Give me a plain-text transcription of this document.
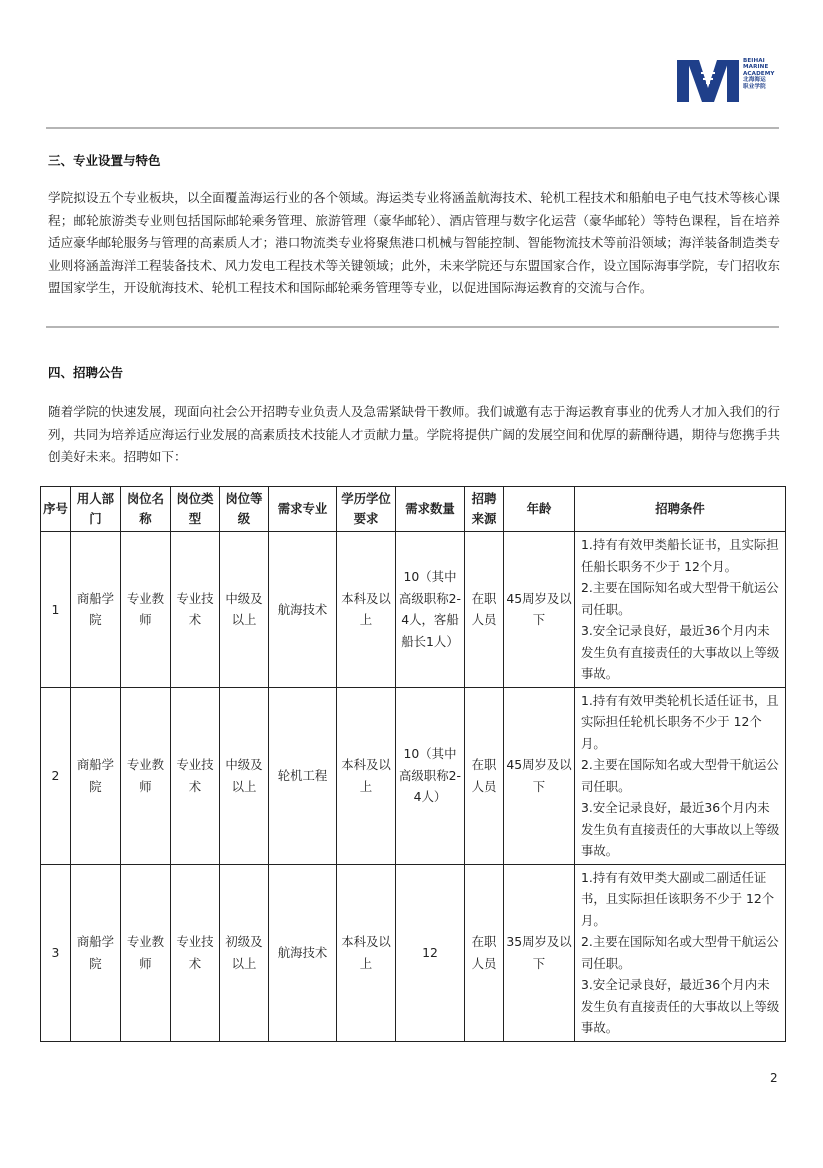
BEIHAI
MARINE
ACADEMY
北海海运
职业学院
三、专业设置与特色

学院拟设五个专业板块，以全面覆盖海运行业的各个领域。海运类专业将涵盖航海技术、轮机工程技术和船舶电子电气技术等核心课程；邮轮旅游类专业则包括国际邮轮乘务管理、旅游管理（豪华邮轮）、酒店管理与数字化运营（豪华邮轮）等特色课程，旨在培养适应豪华邮轮服务与管理的高素质人才；港口物流类专业将聚焦港口机械与智能控制、智能物流技术等前沿领域；海洋装备制造类专业则将涵盖海洋工程装备技术、风力发电工程技术等关键领域；此外，未来学院还与东盟国家合作，设立国际海事学院，专门招收东盟国家学生，开设航海技术、轮机工程技术和国际邮轮乘务管理等专业，以促进国际海运教育的交流与合作。

四、招聘公告

随着学院的快速发展，现面向社会公开招聘专业负责人及急需紧缺骨干教师。我们诚邀有志于海运教育事业的优秀人才加入我们的行列，共同为培养适应海运行业发展的高素质技术技能人才贡献力量。学院将提供广阔的发展空间和优厚的薪酬待遇，期待与您携手共创美好未来。招聘如下：

序号	用人部门	岗位名称	岗位类型	岗位等级	需求专业	学历学位要求	需求数量	招聘来源	年龄	招聘条件
1	商船学院	专业教师	专业技术	中级及以上	航海技术	本科及以上	10（其中高级职称2-4人，客船船长1人）	在职人员	45周岁及以下	1.持有有效甲类船长证书，且实际担任船长职务不少于 12个月。
2.主要在国际知名或大型骨干航运公司任职。
3.安全记录良好，最近36个月内未发生负有直接责任的大事故以上等级事故。

2	商船学院	专业教师	专业技术	中级及以上	轮机工程	本科及以上	10（其中高级职称2-4人）	在职人员	45周岁及以下	1.持有有效甲类轮机长适任证书，且实际担任轮机长职务不少于 12个月。
2.主要在国际知名或大型骨干航运公司任职。
3.安全记录良好，最近36个月内未发生负有直接责任的大事故以上等级事故。

3	商船学院	专业教师	专业技术	初级及以上	航海技术	本科及以上	12	在职人员	35周岁及以下	1.持有有效甲类大副或二副适任证书，且实际担任该职务不少于 12个月。
2.主要在国际知名或大型骨干航运公司任职。
3.安全记录良好，最近36个月内未发生负有直接责任的大事故以上等级事故。
2
